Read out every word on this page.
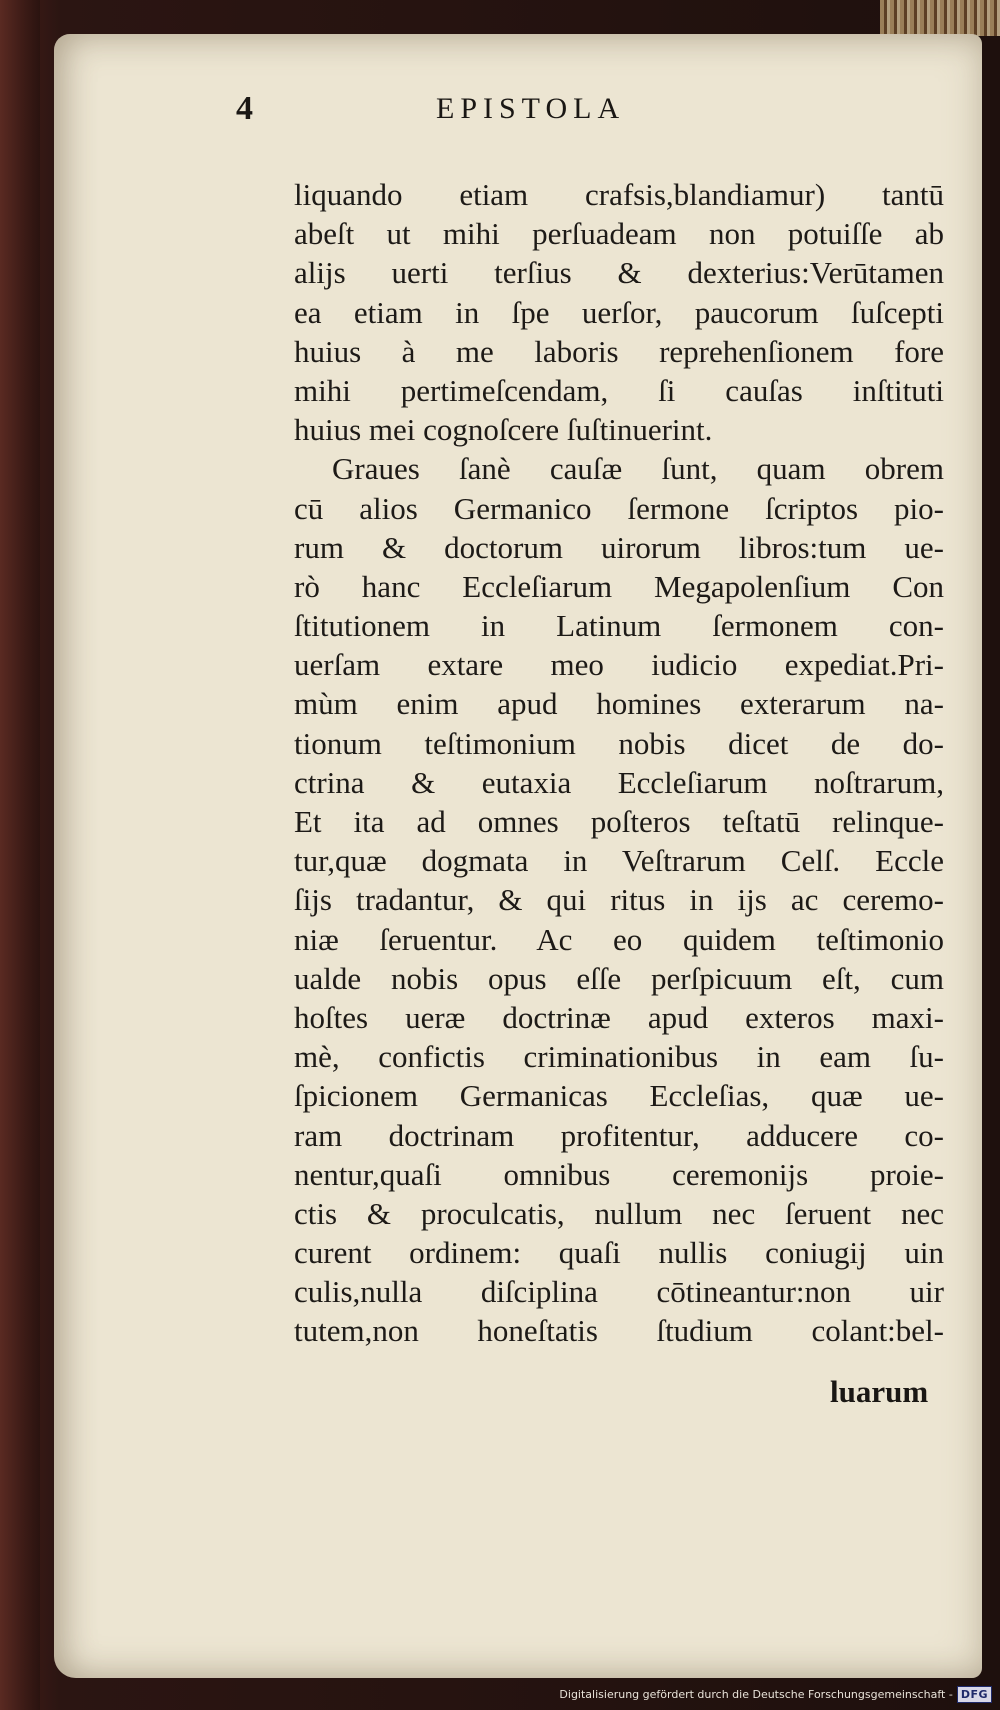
4	EPISTOLA
liquando etiam crafsis,blandiamur) tantū
abeſt ut mihi perſuadeam non potuiſſe ab
alijs uerti terſius & dexterius:Verūtamen
ea etiam in ſpe uerſor, paucorum ſuſcepti
huius à me laboris reprehenſionem fore
mihi pertimeſcendam, ſi cauſas inſtituti
huius mei cognoſcere ſuſtinuerint.
Graues ſanè cauſæ ſunt, quam obrem
cū alios Germanico ſermone ſcriptos pio-
rum & doctorum uirorum libros:tum ue-
rò hanc Eccleſiarum Megapolenſium Con
ſtitutionem in Latinum ſermonem con-
uerſam extare meo iudicio expediat.Pri-
mùm enim apud homines exterarum na-
tionum teſtimonium nobis dicet de do-
ctrina & eutaxia Eccleſiarum noſtrarum,
Et ita ad omnes poſteros teſtatū relinque-
tur,quæ dogmata in Veſtrarum Celſ. Eccle
ſijs tradantur, & qui ritus in ijs ac ceremo-
niæ ſeruentur. Ac eo quidem teſtimonio
ualde nobis opus eſſe perſpicuum eſt, cum
hoſtes ueræ doctrinæ apud exteros maxi-
mè, confictis criminationibus in eam ſu-
ſpicionem Germanicas Eccleſias, quæ ue-
ram doctrinam profitentur, adducere co-
nentur,quaſi omnibus ceremonijs proie-
ctis & proculcatis, nullum nec ſeruent nec
curent ordinem: quaſi nullis coniugij uin
culis,nulla diſciplina cōtineantur:non uir
tutem,non honeſtatis ſtudium colant:bel-
luarum
Digitalisierung gefördert durch die Deutsche Forschungsgemeinschaft - DFG
